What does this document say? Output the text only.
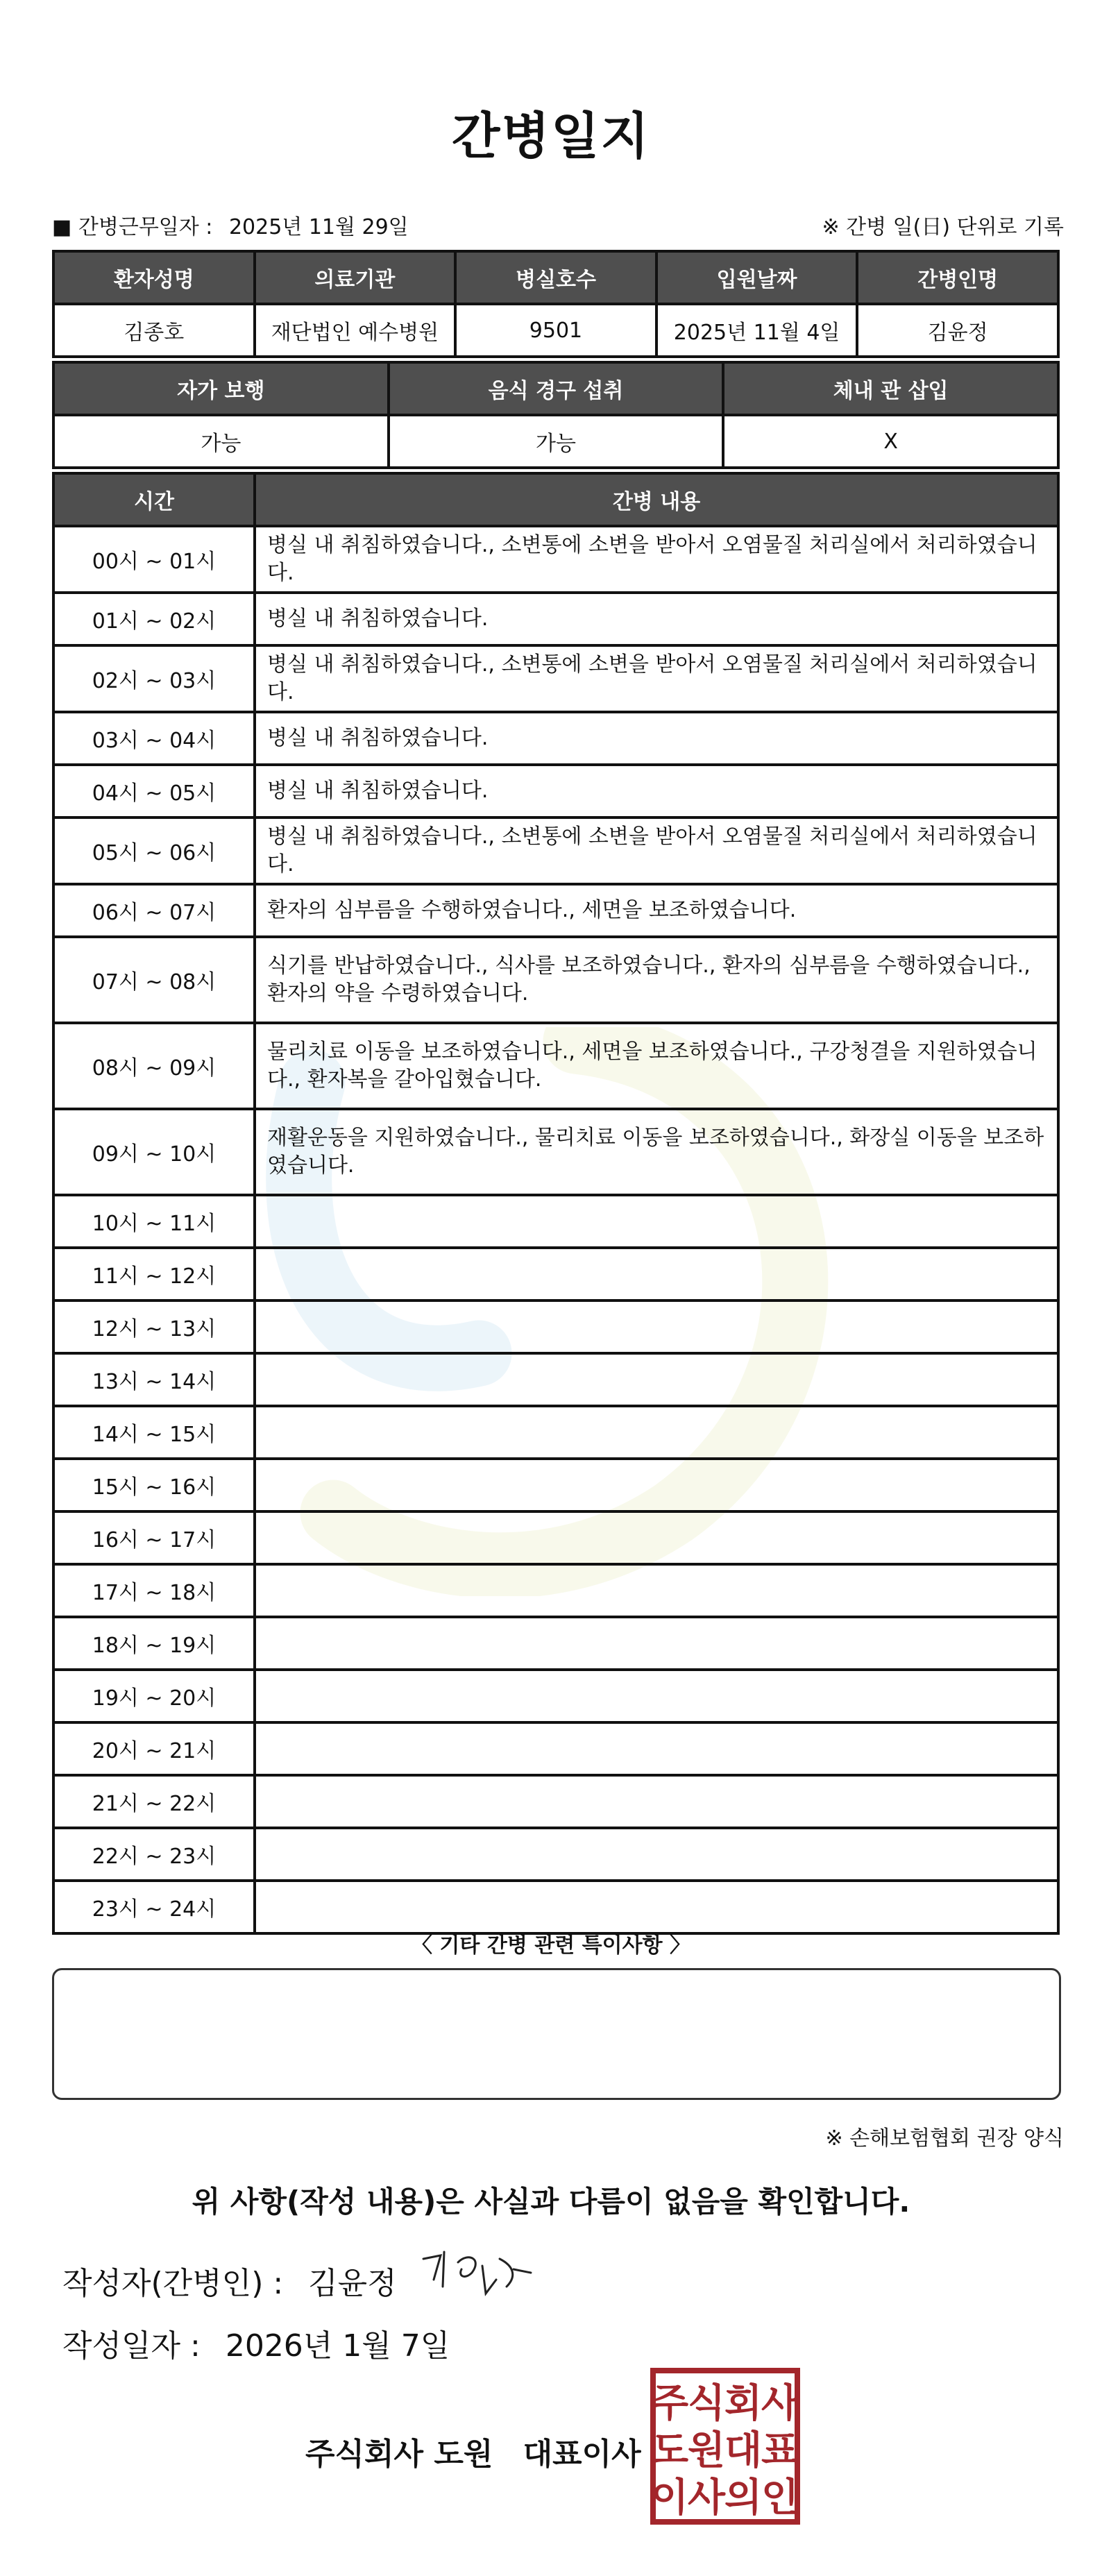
간병일지
■ 간병근무일자 : 2025년 11월 29일	※ 간병 일(日) 단위로 기록
환자성명	의료기관	병실호수	입원날짜	간병인명
김종호	재단법인 예수병원	9501	2025년 11월 4일	김윤정
자가 보행	음식 경구 섭취	체내 관 삽입
가능	가능	X
시간	간병 내용
00시 ~ 01시	병실 내 취침하였습니다., 소변통에 소변을 받아서 오염물질 처리실에서 처리하였습니다.
01시 ~ 02시	병실 내 취침하였습니다.
02시 ~ 03시	병실 내 취침하였습니다., 소변통에 소변을 받아서 오염물질 처리실에서 처리하였습니다.
03시 ~ 04시	병실 내 취침하였습니다.
04시 ~ 05시	병실 내 취침하였습니다.
05시 ~ 06시	병실 내 취침하였습니다., 소변통에 소변을 받아서 오염물질 처리실에서 처리하였습니다.
06시 ~ 07시	환자의 심부름을 수행하였습니다., 세면을 보조하였습니다.
07시 ~ 08시	식기를 반납하였습니다., 식사를 보조하였습니다., 환자의 심부름을 수행하였습니다., 환자의 약을 수령하였습니다.
08시 ~ 09시	물리치료 이동을 보조하였습니다., 세면을 보조하였습니다., 구강청결을 지원하였습니다., 환자복을 갈아입혔습니다.
09시 ~ 10시	재활운동을 지원하였습니다., 물리치료 이동을 보조하였습니다., 화장실 이동을 보조하였습니다.
10시 ~ 11시	
11시 ~ 12시	
12시 ~ 13시	
13시 ~ 14시	
14시 ~ 15시	
15시 ~ 16시	
16시 ~ 17시	
17시 ~ 18시	
18시 ~ 19시	
19시 ~ 20시	
20시 ~ 21시	
21시 ~ 22시	
22시 ~ 23시	
23시 ~ 24시	
〈 기타 간병 관련 특이사항 〉
※ 손해보험협회 권장 양식
위 사항(작성 내용)은 사실과 다름이 없음을 확인합니다.
작성자(간병인) : 김윤정
작성일자 : 2026년 1월 7일
주식회사 도원 대표이사
주
식
회
사
도
원
대
표
이
사
의
인
